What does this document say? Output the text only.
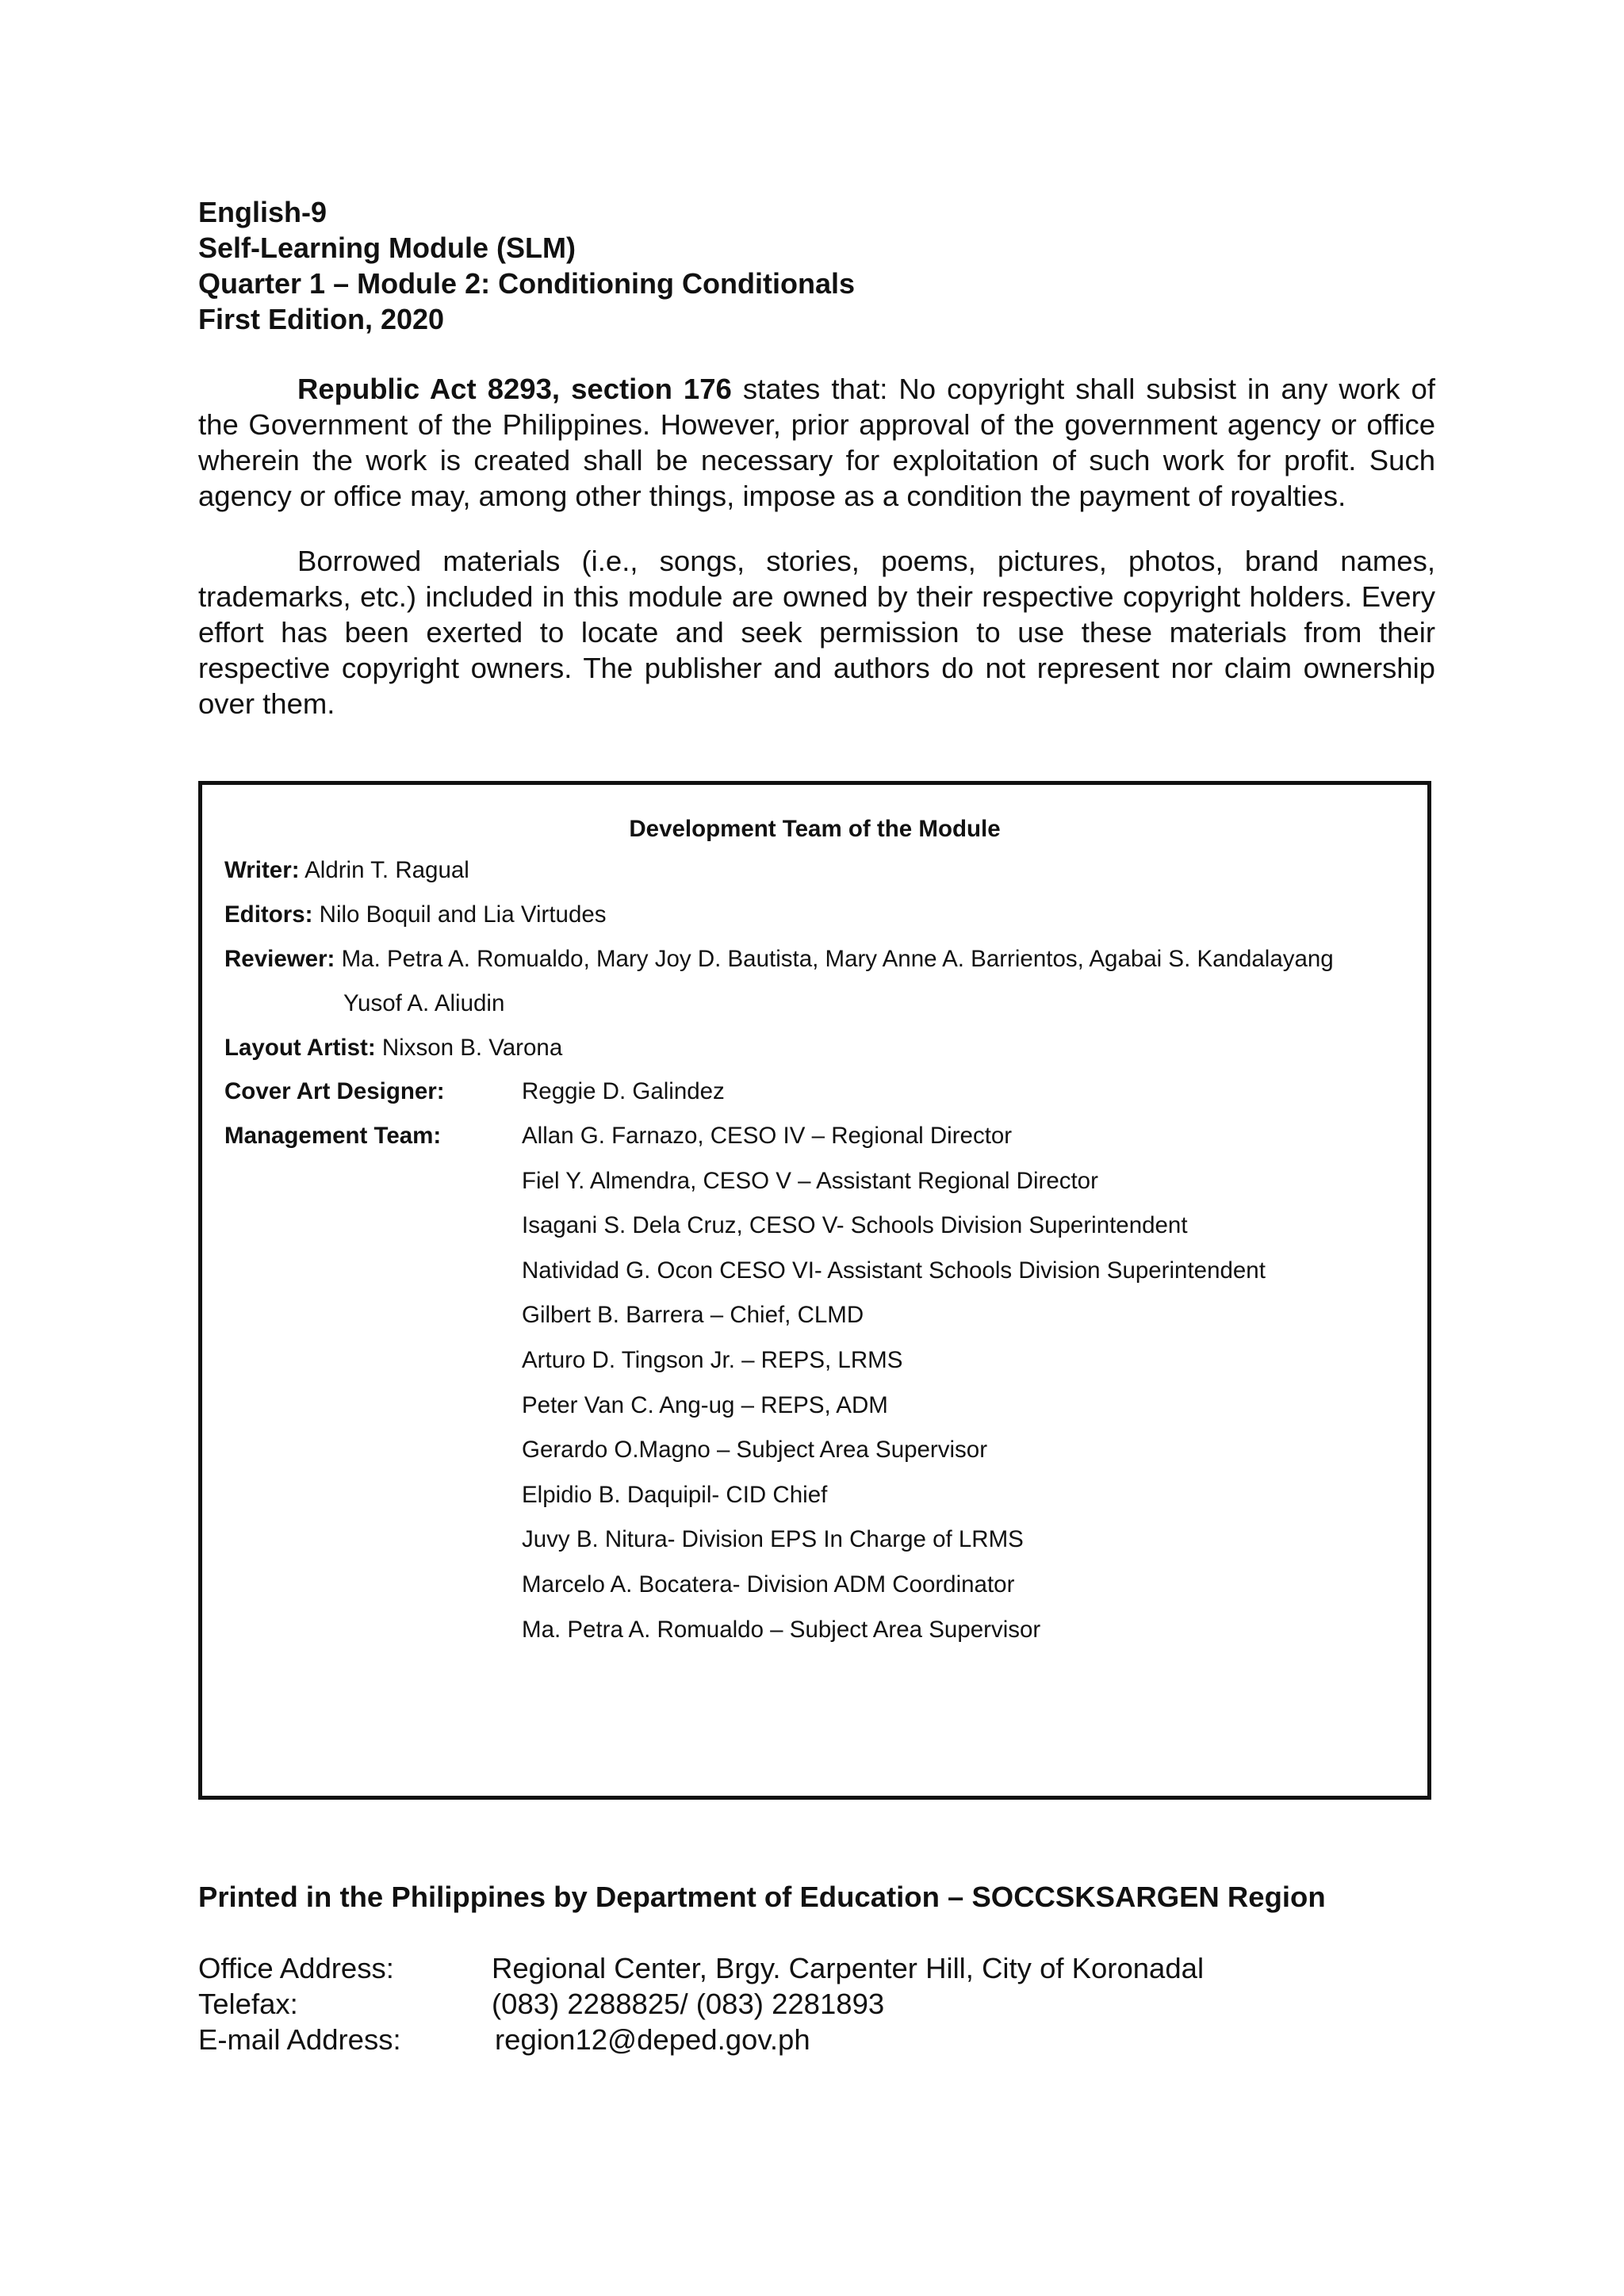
English-9
Self-Learning Module (SLM)
Quarter 1 – Module 2: Conditioning Conditionals
First Edition, 2020

Republic Act 8293, section 176 states that: No copyright shall subsist in any work of the Government of the Philippines. However, prior approval of the government agency or office wherein the work is created shall be necessary for exploitation of such work for profit. Such agency or office may, among other things, impose as a condition the payment of royalties.

Borrowed materials (i.e., songs, stories, poems, pictures, photos, brand names, trademarks, etc.) included in this module are owned by their respective copyright holders. Every effort has been exerted to locate and seek permission to use these materials from their respective copyright owners. The publisher and authors do not represent nor claim ownership over them.

Development Team of the Module
Writer: Aldrin T. Ragual
Editors: Nilo Boquil and Lia Virtudes
Reviewer: Ma. Petra A. Romualdo, Mary Joy D. Bautista, Mary Anne A. Barrientos, Agabai S. Kandalayang
Yusof A. Aliudin
Layout Artist: Nixson B. Varona
Cover Art Designer:	Reggie D. Galindez
Management Team:	Allan G. Farnazo, CESO IV – Regional Director
Fiel Y. Almendra, CESO V – Assistant Regional Director
Isagani S. Dela Cruz, CESO V- Schools Division Superintendent
Natividad G. Ocon CESO VI- Assistant Schools Division Superintendent
Gilbert B. Barrera – Chief, CLMD
Arturo D. Tingson Jr. – REPS, LRMS
Peter Van C. Ang-ug – REPS, ADM
Gerardo O.Magno – Subject Area Supervisor
Elpidio B. Daquipil- CID Chief
Juvy B. Nitura- Division EPS In Charge of LRMS
Marcelo A. Bocatera- Division ADM Coordinator
Ma. Petra A. Romualdo – Subject Area Supervisor
Printed in the Philippines by Department of Education – SOCCSKSARGEN Region
Office Address:	Regional Center, Brgy. Carpenter Hill, City of Koronadal
Telefax:	(083) 2288825/ (083) 2281893
E-mail Address:	region12@deped.gov.ph
